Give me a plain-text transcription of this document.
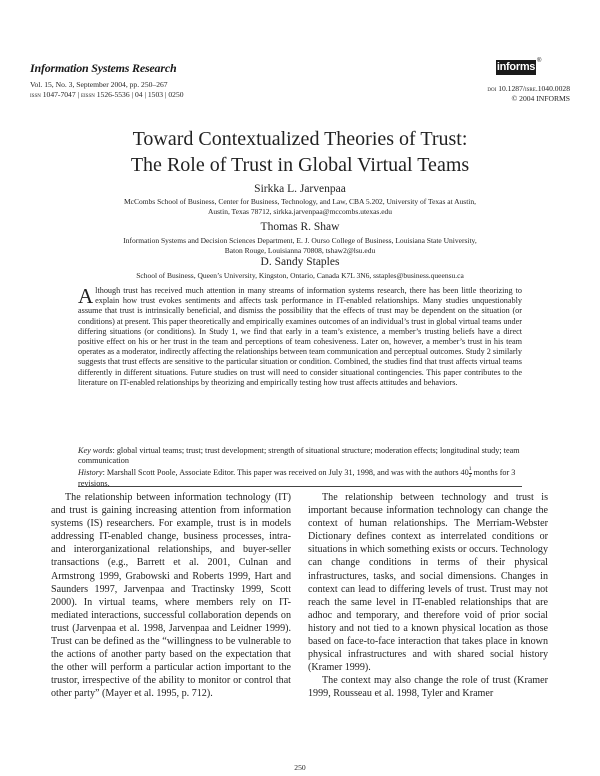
Information Systems Research
Vol. 15, No. 3, September 2004, pp. 250–267
issn 1047-7047 | eissn 1526-5536 | 04 | 1503 | 0250
informs ®
doi 10.1287/isre.1040.0028
© 2004 INFORMS
Toward Contextualized Theories of Trust:
The Role of Trust in Global Virtual Teams
Sirkka L. Jarvenpaa
McCombs School of Business, Center for Business, Technology, and Law, CBA 5.202, University of Texas at Austin,
Austin, Texas 78712, sirkka.jarvenpaa@mccombs.utexas.edu
Thomas R. Shaw
Information Systems and Decision Sciences Department, E. J. Ourso College of Business, Louisiana State University,
Baton Rouge, Louisianna 70808, tshaw2@lsu.edu
D. Sandy Staples
School of Business, Queen’s University, Kingston, Ontario, Canada K7L 3N6, sstaples@business.queensu.ca
Although trust has received much attention in many streams of information systems research, there has been little theorizing to explain how trust evokes sentiments and affects task performance in IT-enabled relationships. Many studies unquestionably assume that trust is intrinsically beneficial, and dismiss the possibility that the effects of trust may be dependent on the situation (or conditions) at present. This paper theoretically and empirically examines outcomes of an individual’s trust in global virtual teams under differing situations (or conditions). In Study 1, we find that early in a team’s existence, a member’s trusting beliefs have a direct positive effect on his or her trust in the team and perceptions of team cohesiveness. Later on, however, a member’s trust in his team operates as a moderator, indirectly affecting the relationships between team communication and perceptual outcomes. Study 2 similarly suggests that trust effects are sensitive to the particular situation or condition. Combined, the studies find that trust affects virtual teams differently in different situations. Future studies on trust will need to consider situational contingencies. This paper contributes to the literature on IT-enabled relationships by theorizing and empirically testing how trust affects attitudes and behaviors.
Key words: global virtual teams; trust; trust development; strength of situational structure; moderation effects; longitudinal study; team communication
History: Marshall Scott Poole, Associate Editor. This paper was received on July 31, 1998, and was with the authors $40 \frac{1}{2}$ months for 3 revisions.

The relationship between information technology (IT) and trust is gaining increasing attention from information systems (IS) researchers. For example, trust is in models addressing IT-enabled change, business processes, intra- and interorganizational relationships, and buyer-seller transactions (e.g., Barrett et al. 2001, Culnan and Armstrong 1999, Grabowski and Roberts 1999, Hart and Saunders 1997, Jarvenpaa and Tractinsky 1999, Scott 2000). In virtual teams, where members rely on IT-mediated interactions, successful collaboration depends on trust (Jarvenpaa et al. 1998, Jarvenpaa and Leidner 1999). Trust can be defined as the “willingness to be vulnerable to the actions of another party based on the expectation that the other will perform a particular action important to the trustor, irrespective of the ability to monitor or control that other party” (Mayer et al. 1995, p. 712).

The relationship between technology and trust is important because information technology can change the context of human relationships. The Merriam-Webster Dictionary defines context as interrelated conditions or situations in which something exists or occurs. Technology can change conditions in terms of their physical infrastructures, tasks, and social dimensions. Changes in context can lead to differing levels of trust. Trust may not reach the same level in IT-enabled relationships that are adhoc and temporary, and therefore void of prior social history and not tied to a known physical location as those based on face-to-face interaction that takes place in known physical infrastructures and with shared social history (Kramer 1999).

The context may also change the role of trust (Kramer 1999, Rousseau et al. 1998, Tyler and Kramer

250
